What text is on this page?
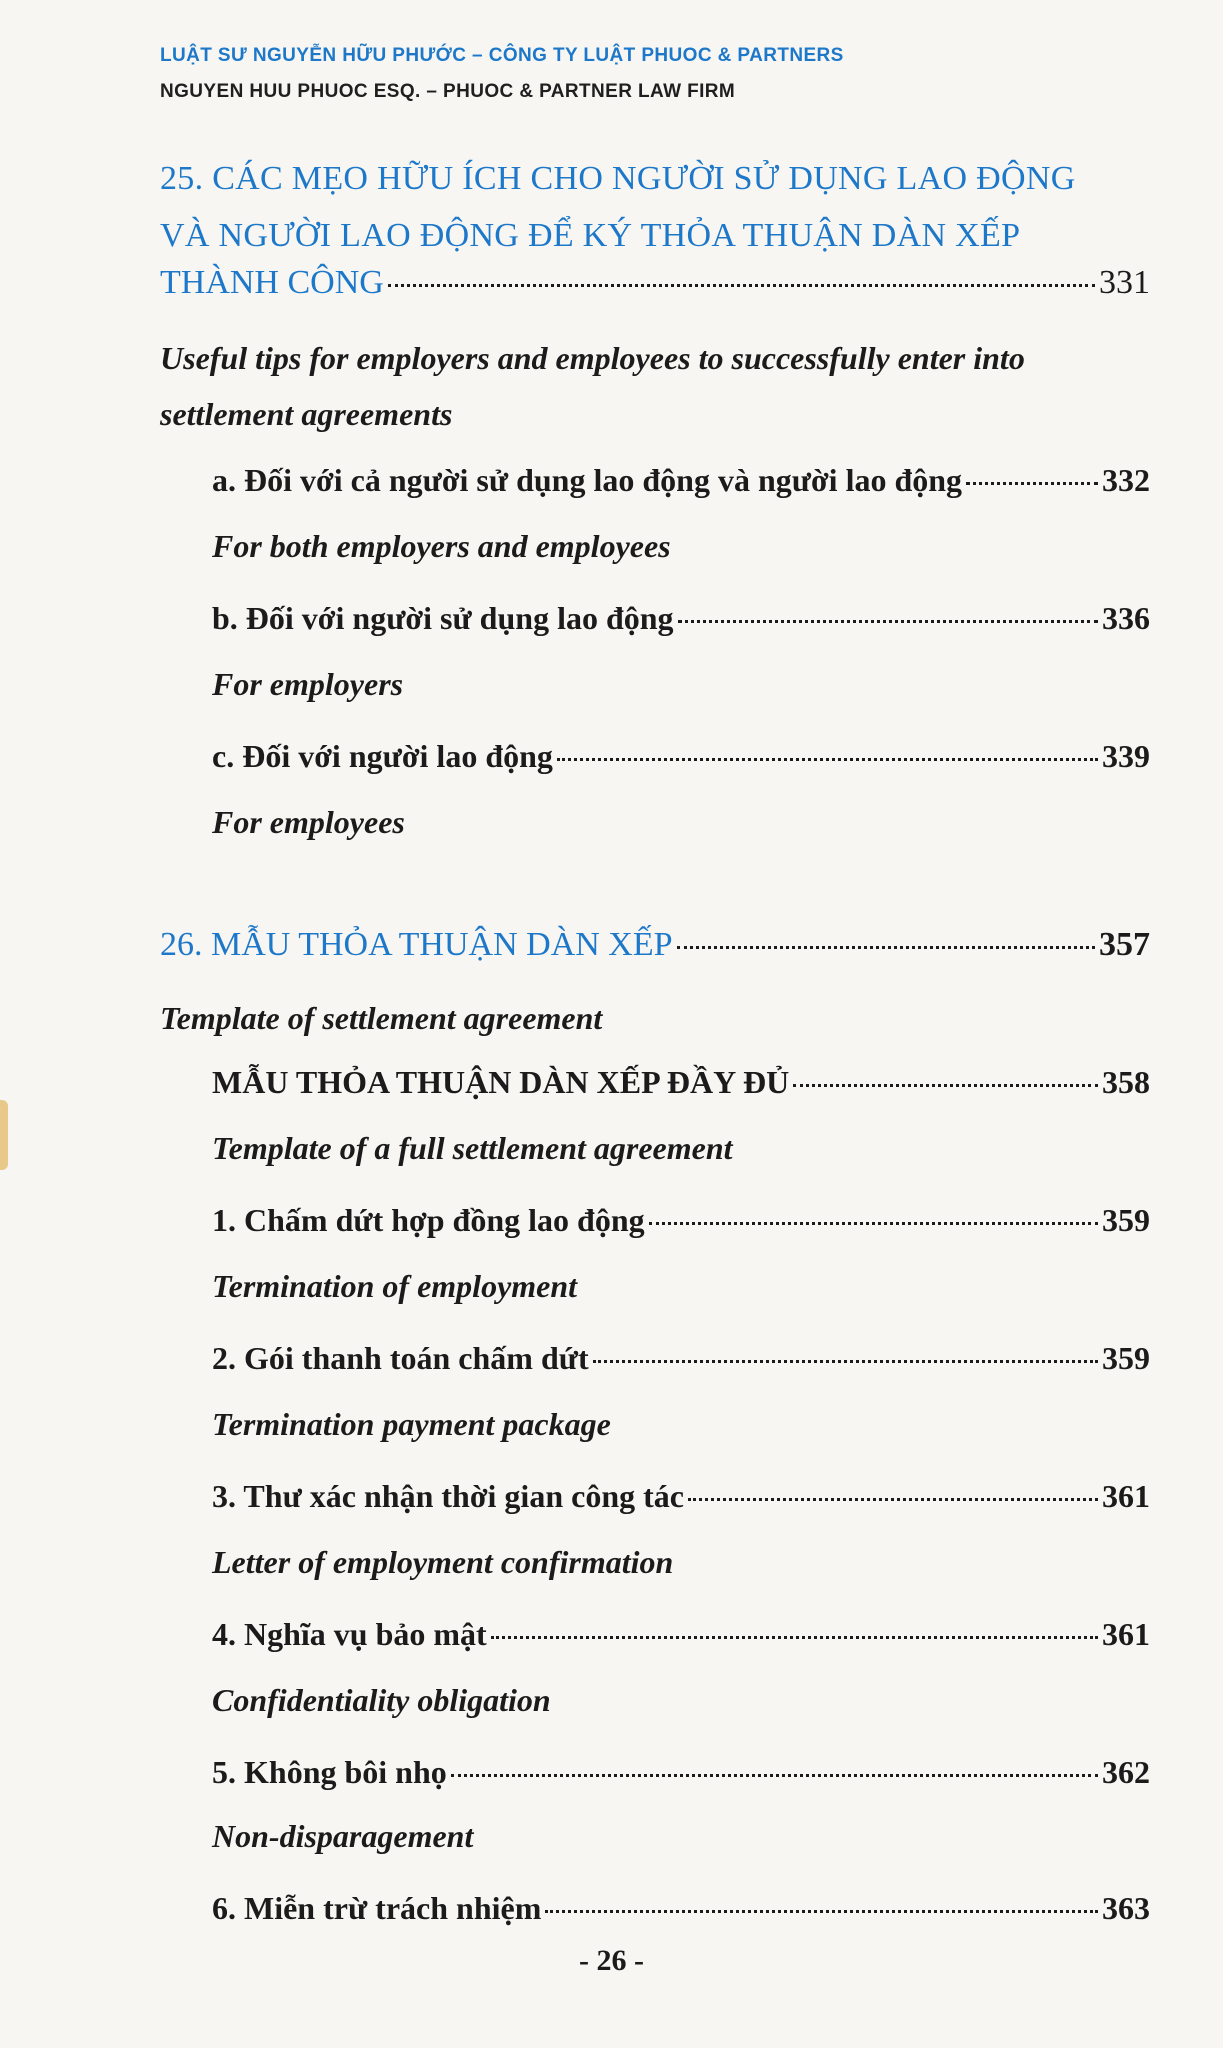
LUẬT SƯ NGUYỄN HỮU PHƯỚC – CÔNG TY LUẬT PHUOC & PARTNERS
NGUYEN HUU PHUOC ESQ. – PHUOC & PARTNER LAW FIRM
25. CÁC MẸO HỮU ÍCH CHO NGƯỜI SỬ DỤNG LAO ĐỘNG
VÀ NGƯỜI LAO ĐỘNG ĐỂ KÝ THỎA THUẬN DÀN XẾP
THÀNH CÔNG	331
Useful tips for employers and employees to successfully enter into settlement agreements
a. Đối với cả người sử dụng lao động và người lao động	332
For both employers and employees
b. Đối với người sử dụng lao động	336
For employers
c. Đối với người lao động	339
For employees
26. MẪU THỎA THUẬN DÀN XẾP	357
Template of settlement agreement
MẪU THỎA THUẬN DÀN XẾP ĐẦY ĐỦ	358
Template of a full settlement agreement
1. Chấm dứt hợp đồng lao động	359
Termination of employment
2. Gói thanh toán chấm dứt	359
Termination payment package
3. Thư xác nhận thời gian công tác	361
Letter of employment confirmation
4. Nghĩa vụ bảo mật	361
Confidentiality obligation
5. Không bôi nhọ	362
Non-disparagement
6. Miễn trừ trách nhiệm	363
- 26 -
